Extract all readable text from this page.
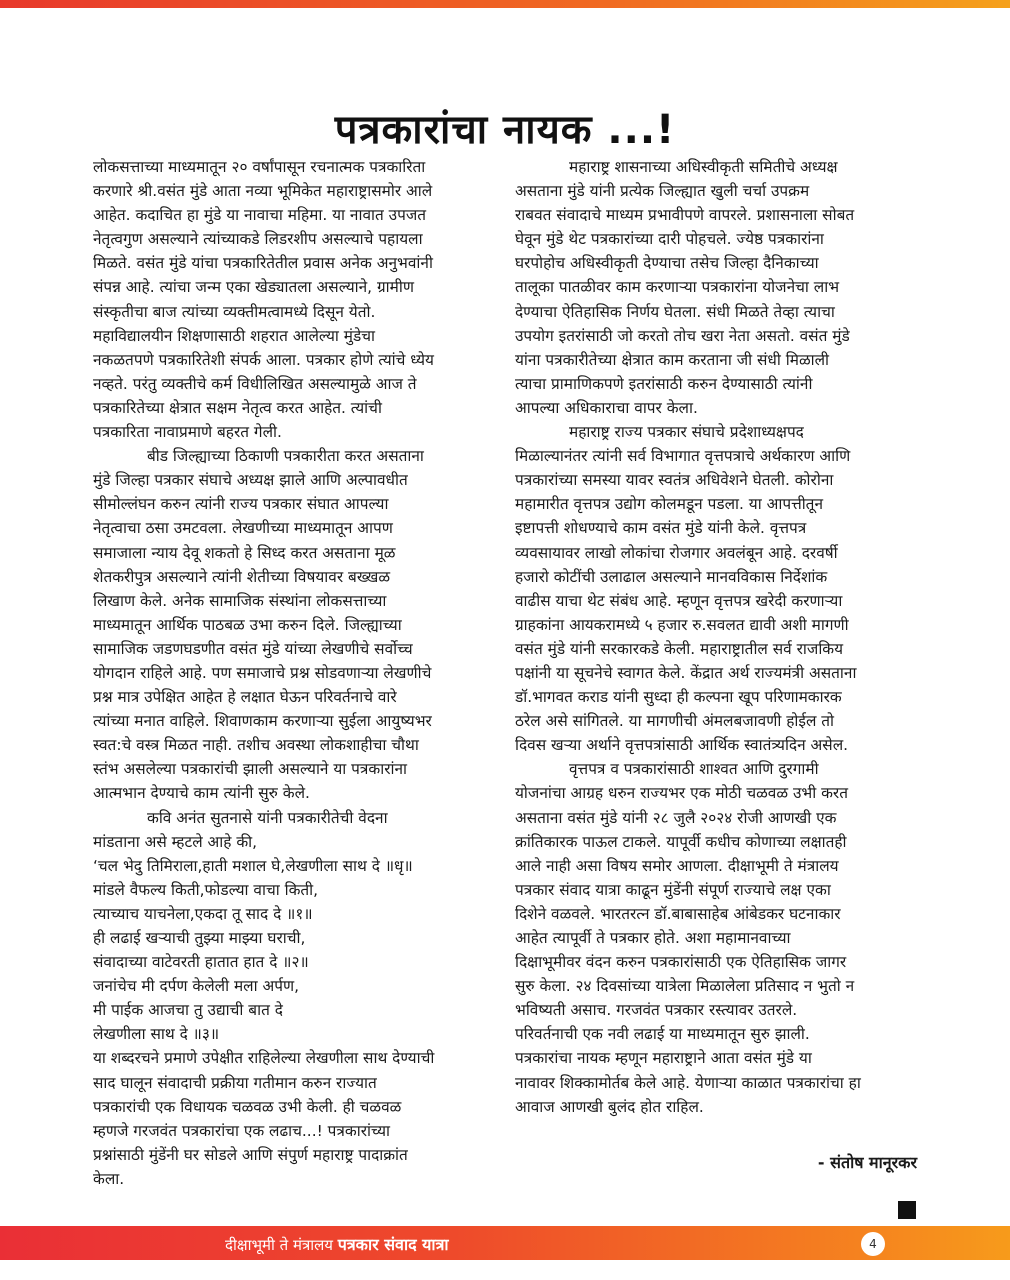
पत्रकारांचा नायक ...!

लोकसत्ताच्या माध्यमातून २० वर्षांपासून रचनात्मक पत्रकारिता
करणारे श्री.वसंत मुंडे आता नव्या भूमिकेत महाराष्ट्रासमोर आले
आहेत. कदाचित हा मुंडे या नावाचा महिमा. या नावात उपजत
नेतृत्वगुण असल्याने त्यांच्याकडे लिडरशीप असल्याचे पहायला
मिळते. वसंत मुंडे यांचा पत्रकारितेतील प्रवास अनेक अनुभवांनी
संपन्न आहे. त्यांचा जन्म एका खेड्यातला असल्याने, ग्रामीण
संस्कृतीचा बाज त्यांच्या व्यक्तीमत्वामध्ये दिसून येतो.
महाविद्यालयीन शिक्षणासाठी शहरात आलेल्या मुंडेचा
नकळतपणे पत्रकारितेशी संपर्क आला. पत्रकार होणे त्यांचे ध्येय
नव्हते. परंतु व्यक्तीचे कर्म विधीलिखित असल्यामुळे आज ते
पत्रकारितेच्या क्षेत्रात सक्षम नेतृत्व करत आहेत. त्यांची
पत्रकारिता नावाप्रमाणे बहरत गेली.

बीड जिल्ह्याच्या ठिकाणी पत्रकारीता करत असताना
मुंडे जिल्हा पत्रकार संघाचे अध्यक्ष झाले आणि अल्पावधीत
सीमोल्लंघन करुन त्यांनी राज्य पत्रकार संघात आपल्या
नेतृत्वाचा ठसा उमटवला. लेखणीच्या माध्यमातून आपण
समाजाला न्याय देवू शकतो हे सिध्द करत असताना मूळ
शेतकरीपुत्र असल्याने त्यांनी शेतीच्या विषयावर बख्खळ
लिखाण केले. अनेक सामाजिक संस्थांना लोकसत्ताच्या
माध्यमातून आर्थिक पाठबळ उभा करुन दिले. जिल्ह्याच्या
सामाजिक जडणघडणीत वसंत मुंडे यांच्या लेखणीचे सर्वोच्च
योगदान राहिले आहे. पण समाजाचे प्रश्न सोडवणाऱ्या लेखणीचे
प्रश्न मात्र उपेक्षित आहेत हे लक्षात घेऊन परिवर्तनाचे वारे
त्यांच्या मनात वाहिले. शिवाणकाम करणाऱ्या सुईला आयुष्यभर
स्वत:चे वस्त्र मिळत नाही. तशीच अवस्था लोकशाहीचा चौथा
स्तंभ असलेल्या पत्रकारांची झाली असल्याने या पत्रकारांना
आत्मभान देण्याचे काम त्यांनी सुरु केले.

कवि अनंत सुतनासे यांनी पत्रकारीतेची वेदना
मांडताना असे म्हटले आहे की,

‘चल भेदु तिमिराला,हाती मशाल घे,लेखणीला साथ दे ॥धृ॥
मांडले वैफल्य किती,फोडल्या वाचा किती,
त्याच्याच याचनेला,एकदा तू साद दे ॥१॥
ही लढाई खऱ्याची तुझ्या माझ्या घराची,
संवादाच्या वाटेवरती हातात हात दे ॥२॥
जनांचेच मी दर्पण केलेली मला अर्पण,
मी पाईक आजचा तु उद्याची बात दे
लेखणीला साथ दे ॥३॥

या शब्दरचने प्रमाणे उपेक्षीत राहिलेल्या लेखणीला साथ देण्याची
साद घालून संवादाची प्रक्रीया गतीमान करुन राज्यात
पत्रकारांची एक विधायक चळवळ उभी केली. ही चळवळ
म्हणजे गरजवंत पत्रकारांचा एक लढाच...! पत्रकारांच्या
प्रश्नांसाठी मुंडेंनी घर सोडले आणि संपुर्ण महाराष्ट्र पादाक्रांत
केला.

महाराष्ट्र शासनाच्या अधिस्वीकृती समितीचे अध्यक्ष
असताना मुंडे यांनी प्रत्येक जिल्ह्यात खुली चर्चा उपक्रम
राबवत संवादाचे माध्यम प्रभावीपणे वापरले. प्रशासनाला सोबत
घेवून मुंडे थेट पत्रकारांच्या दारी पोहचले. ज्येष्ठ पत्रकारांना
घरपोहोच अधिस्वीकृती देण्याचा तसेच जिल्हा दैनिकाच्या
तालूका पातळीवर काम करणाऱ्या पत्रकारांना योजनेचा लाभ
देण्याचा ऐतिहासिक निर्णय घेतला. संधी मिळते तेव्हा त्याचा
उपयोग इतरांसाठी जो करतो तोच खरा नेता असतो. वसंत मुंडे
यांना पत्रकारीतेच्या क्षेत्रात काम करताना जी संधी मिळाली
त्याचा प्रामाणिकपणे इतरांसाठी करुन देण्यासाठी त्यांनी
आपल्या अधिकाराचा वापर केला.

महाराष्ट्र राज्य पत्रकार संघाचे प्रदेशाध्यक्षपद
मिळाल्यानंतर त्यांनी सर्व विभागात वृत्तपत्राचे अर्थकारण आणि
पत्रकारांच्या समस्या यावर स्वतंत्र अधिवेशने घेतली. कोरोना
महामारीत वृत्तपत्र उद्योग कोलमडून पडला. या आपत्तीतून
इष्टापत्ती शोधण्याचे काम वसंत मुंडे यांनी केले. वृत्तपत्र
व्यवसायावर लाखो लोकांचा रोजगार अवलंबून आहे. दरवर्षी
हजारो कोटींची उलाढाल असल्याने मानवविकास निर्देशांक
वाढीस याचा थेट संबंध आहे. म्हणून वृत्तपत्र खरेदी करणाऱ्या
ग्राहकांना आयकरामध्ये ५ हजार रु.सवलत द्यावी अशी मागणी
वसंत मुंडे यांनी सरकारकडे केली. महाराष्ट्रातील सर्व राजकिय
पक्षांनी या सूचनेचे स्वागत केले. केंद्रात अर्थ राज्यमंत्री असताना
डॉ.भागवत कराड यांनी सुध्दा ही कल्पना खूप परिणामकारक
ठरेल असे सांगितले. या मागणीची अंमलबजावणी होईल तो
दिवस खऱ्या अर्थाने वृत्तपत्रांसाठी आर्थिक स्वातंत्र्यदिन असेल.

वृत्तपत्र व पत्रकारांसाठी शाश्वत आणि दुरगामी
योजनांचा आग्रह धरुन राज्यभर एक मोठी चळवळ उभी करत
असताना वसंत मुंडे यांनी २८ जुलै २०२४ रोजी आणखी एक
क्रांतिकारक पाऊल टाकले. यापूर्वी कधीच कोणाच्या लक्षातही
आले नाही असा विषय समोर आणला. दीक्षाभूमी ते मंत्रालय
पत्रकार संवाद यात्रा काढून मुंडेंनी संपूर्ण राज्याचे लक्ष एका
दिशेने वळवले. भारतरत्न डॉ.बाबासाहेब आंबेडकर घटनाकार
आहेत त्यापूर्वी ते पत्रकार होते. अशा महामानवाच्या
दिक्षाभूमीवर वंदन करुन पत्रकारांसाठी एक ऐतिहासिक जागर
सुरु केला. २४ दिवसांच्या यात्रेला मिळालेला प्रतिसाद न भुतो न
भविष्यती असाच. गरजवंत पत्रकार रस्त्यावर उतरले.
परिवर्तनाची एक नवी लढाई या माध्यमातून सुरु झाली.
पत्रकारांचा नायक म्हणून महाराष्ट्राने आता वसंत मुंडे या
नावावर शिक्कामोर्तब केले आहे. येणाऱ्या काळात पत्रकारांचा हा
आवाज आणखी बुलंद होत राहिल.

- संतोष मानूरकर
दीक्षाभूमी ते मंत्रालय पत्रकार संवाद यात्रा	4
